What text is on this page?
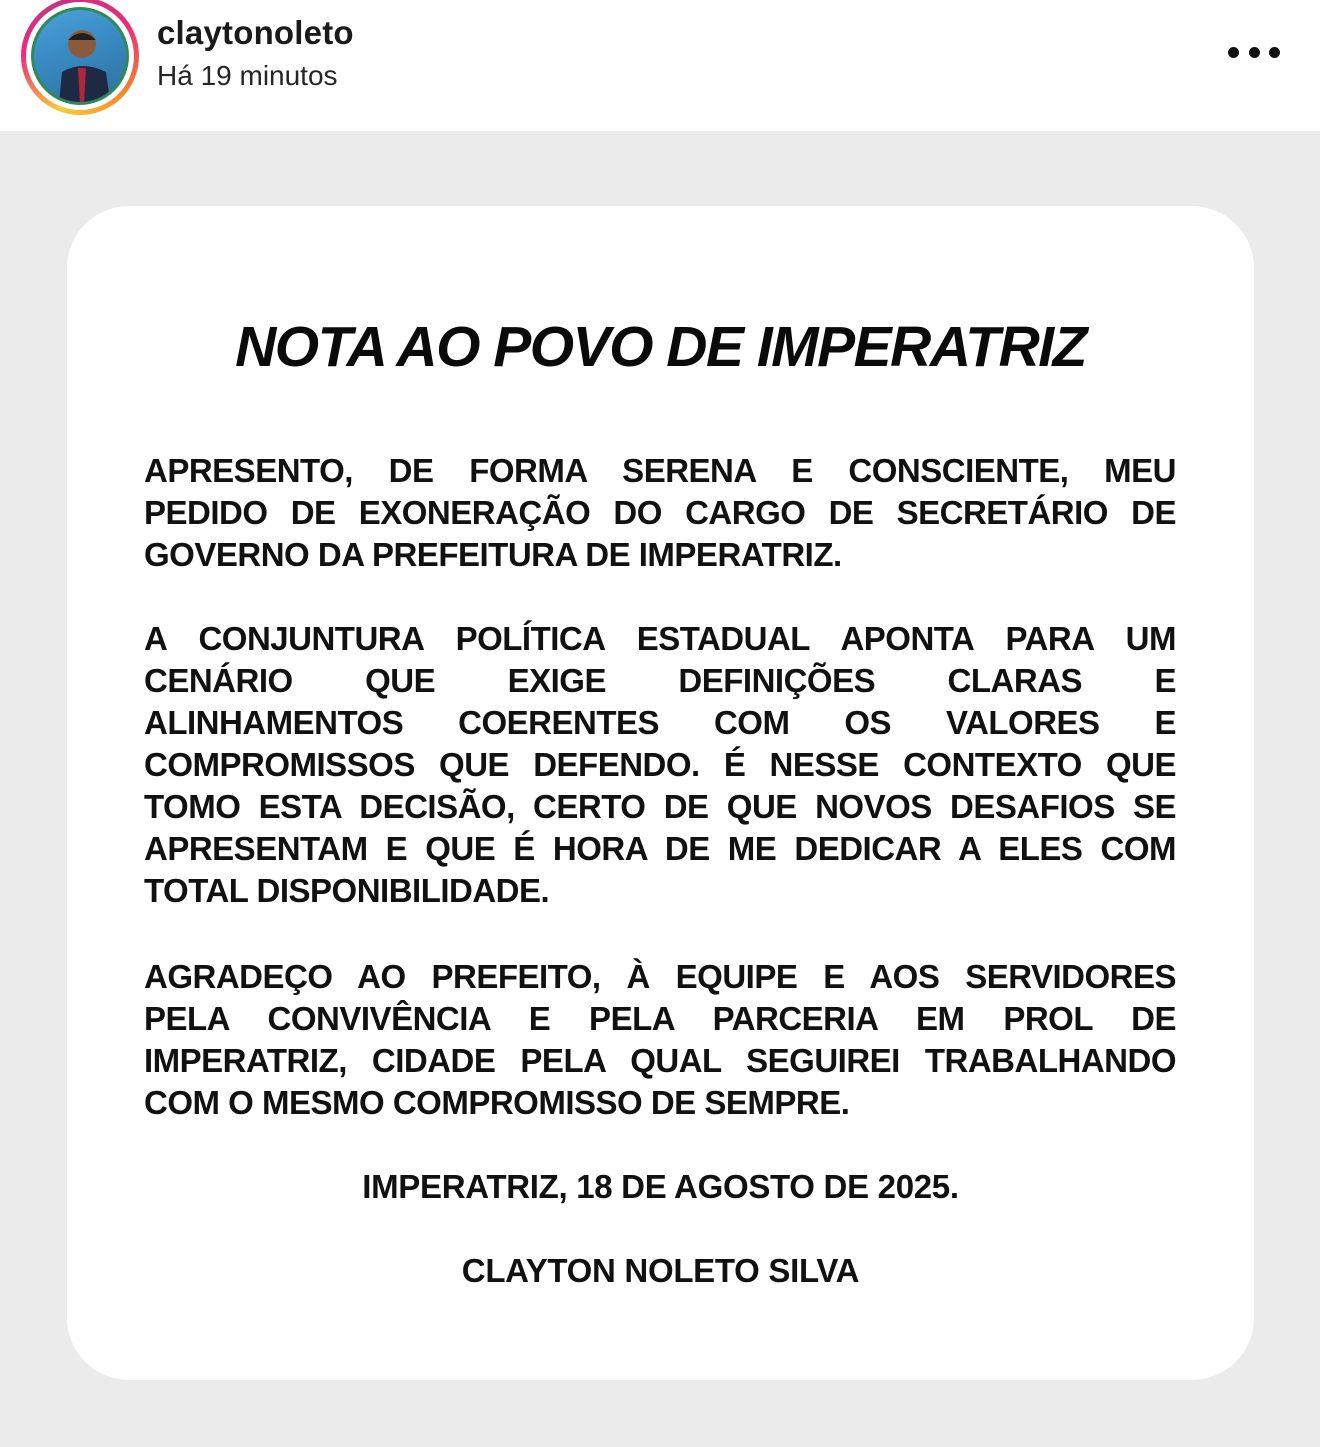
claytonoleto
Há 19 minutos
NOTA AO POVO DE IMPERATRIZ
APRESENTO, DE FORMA SERENA E CONSCIENTE, MEU
PEDIDO DE EXONERAÇÃO DO CARGO DE SECRETÁRIO DE
GOVERNO DA PREFEITURA DE IMPERATRIZ.
A CONJUNTURA POLÍTICA ESTADUAL APONTA PARA UM
CENÁRIO QUE EXIGE DEFINIÇÕES CLARAS E
ALINHAMENTOS COERENTES COM OS VALORES E
COMPROMISSOS QUE DEFENDO. É NESSE CONTEXTO QUE
TOMO ESTA DECISÃO, CERTO DE QUE NOVOS DESAFIOS SE
APRESENTAM E QUE É HORA DE ME DEDICAR A ELES COM
TOTAL DISPONIBILIDADE.
AGRADEÇO AO PREFEITO, À EQUIPE E AOS SERVIDORES
PELA CONVIVÊNCIA E PELA PARCERIA EM PROL DE
IMPERATRIZ, CIDADE PELA QUAL SEGUIREI TRABALHANDO
COM O MESMO COMPROMISSO DE SEMPRE.
IMPERATRIZ, 18 DE AGOSTO DE 2025.
CLAYTON NOLETO SILVA
